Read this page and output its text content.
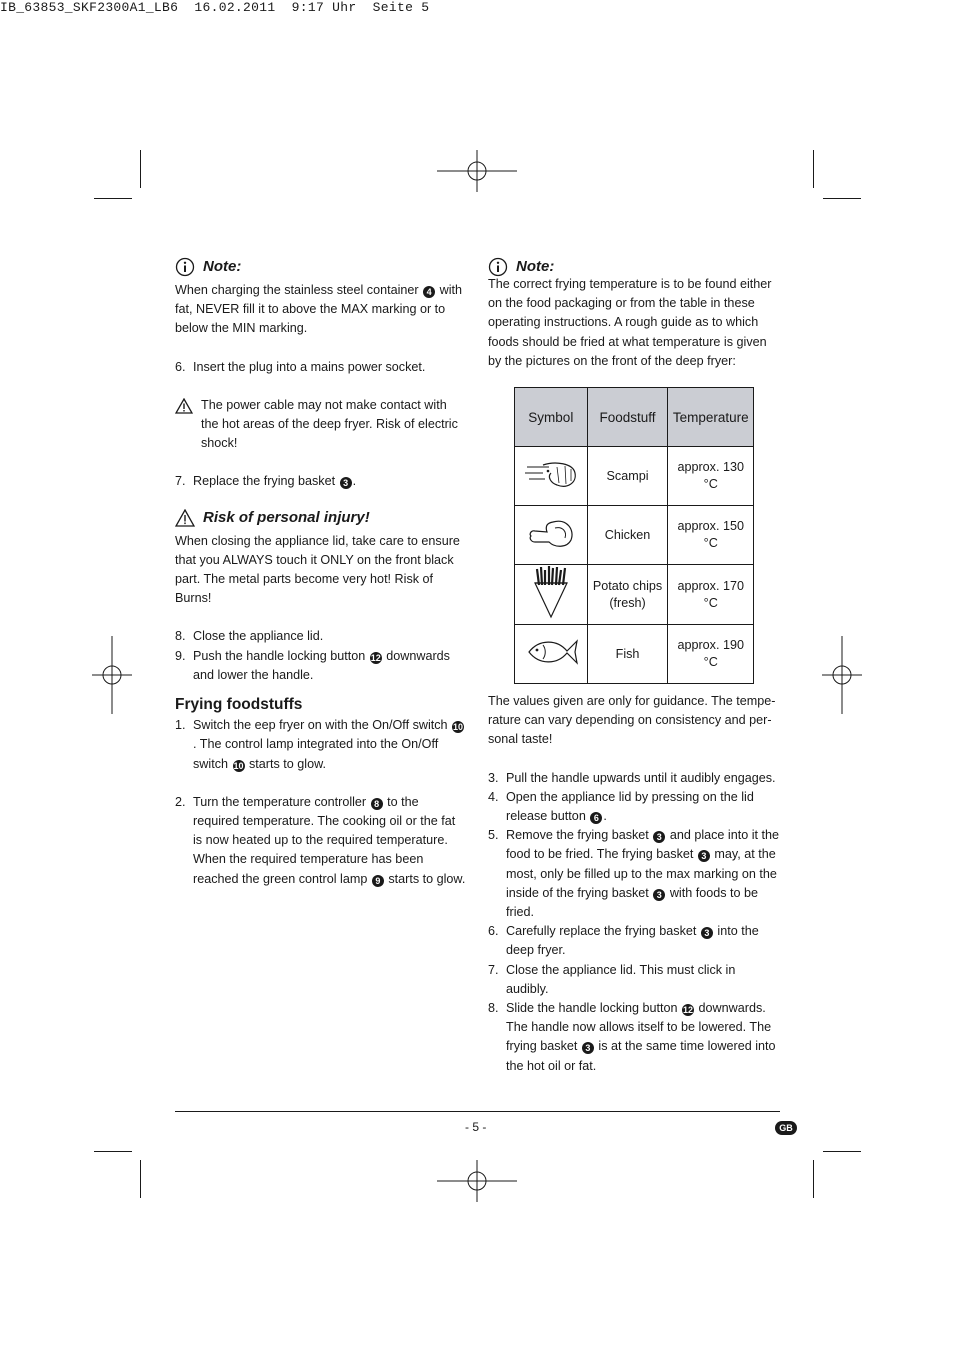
IB_63853_SKF2300A1_LB6  16.02.2011  9:17 Uhr  Seite 5
Note:

When charging the stainless steel container 4 with fat, NEVER fill it to above the MAX marking or to below the MIN marking.

6. Insert the plug into a mains power socket.

The power cable may not make contact with the hot areas of the deep fryer. Risk of electric shock!

7. Replace the frying basket 3 .
Risk of personal injury!

When closing the appliance lid, take care to ensure that you ALWAYS touch it ONLY on the front black part. The metal parts become very hot! Risk of Burns!

8. Close the appliance lid.
9. Push the handle locking button 12 downwards and lower the handle.
Frying foodstuffs
1. Switch the eep fryer on with the On/Off switch 10. The control lamp integrated into the On/Off switch 10 starts to glow.
2. Turn the temperature controller 8 to the required temperature. The cooking oil or the fat is now heated up to the required temperature. When the required temperature has been reached the green control lamp 9 starts to glow.
Note:

The correct frying temperature is to be found either on the food packaging or from the table in these operating instructions. A rough guide as to which foods should be fried at what temperature is given by the pictures on the front of the deep fryer:

Symbol	Foodstuff	Temperature
	Scampi	approx. 130 °C
	Chicken	approx. 150 °C
	Potato chips (fresh)	approx. 170 °C
	Fish	approx. 190 °C

The values given are only for guidance. The tempe-rature can vary depending on consistency and per-sonal taste!

3. Pull the handle upwards until it audibly engages.
4. Open the appliance lid by pressing on the lid release button 6 .
5. Remove the frying basket 3 and place into it the food to be fried. The frying basket 3 may, at the most, only be filled up to the max marking on the inside of the frying basket 3 with foods to be fried.
6. Carefully replace the frying basket 3 into the deep fryer.
7. Close the appliance lid. This must click in audibly.
8. Slide the handle locking button 12 downwards. The handle now allows itself to be lowered. The frying basket 3 is at the same time lowered into the hot oil or fat.
- 5 -	GB
